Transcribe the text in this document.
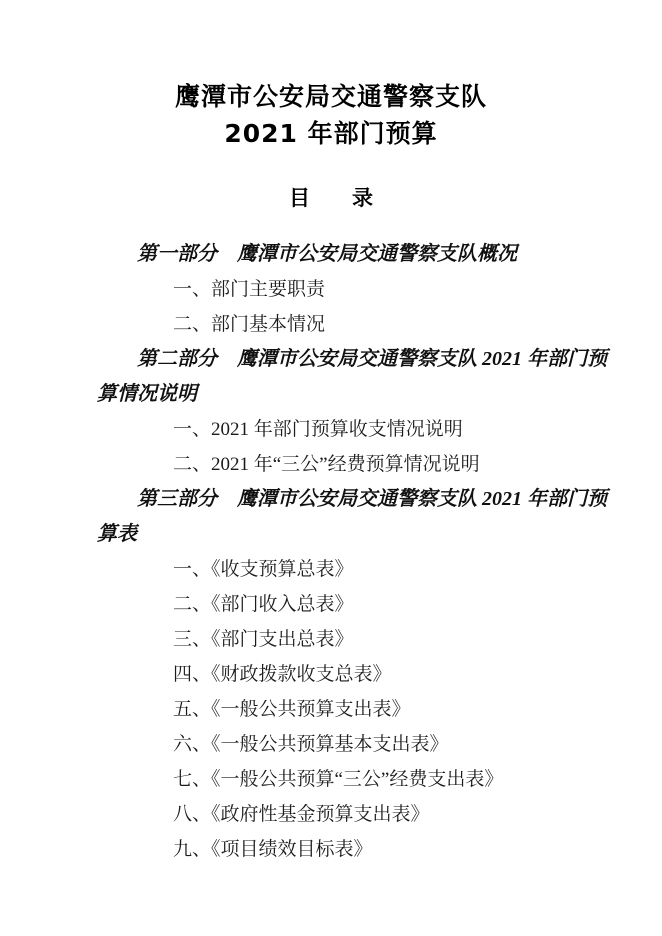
鹰潭市公安局交通警察支队
2021 年部门预算
目　　录
第一部分　鹰潭市公安局交通警察支队概况
一、部门主要职责
二、部门基本情况
第二部分　鹰潭市公安局交通警察支队 2021 年部门预
算情况说明
一、2021 年部门预算收支情况说明
二、2021 年“三公”经费预算情况说明
第三部分　鹰潭市公安局交通警察支队 2021 年部门预
算表
一、《收支预算总表》
二、《部门收入总表》
三、《部门支出总表》
四、《财政拨款收支总表》
五、《一般公共预算支出表》
六、《一般公共预算基本支出表》
七、《一般公共预算“三公”经费支出表》
八、《政府性基金预算支出表》
九、《项目绩效目标表》
